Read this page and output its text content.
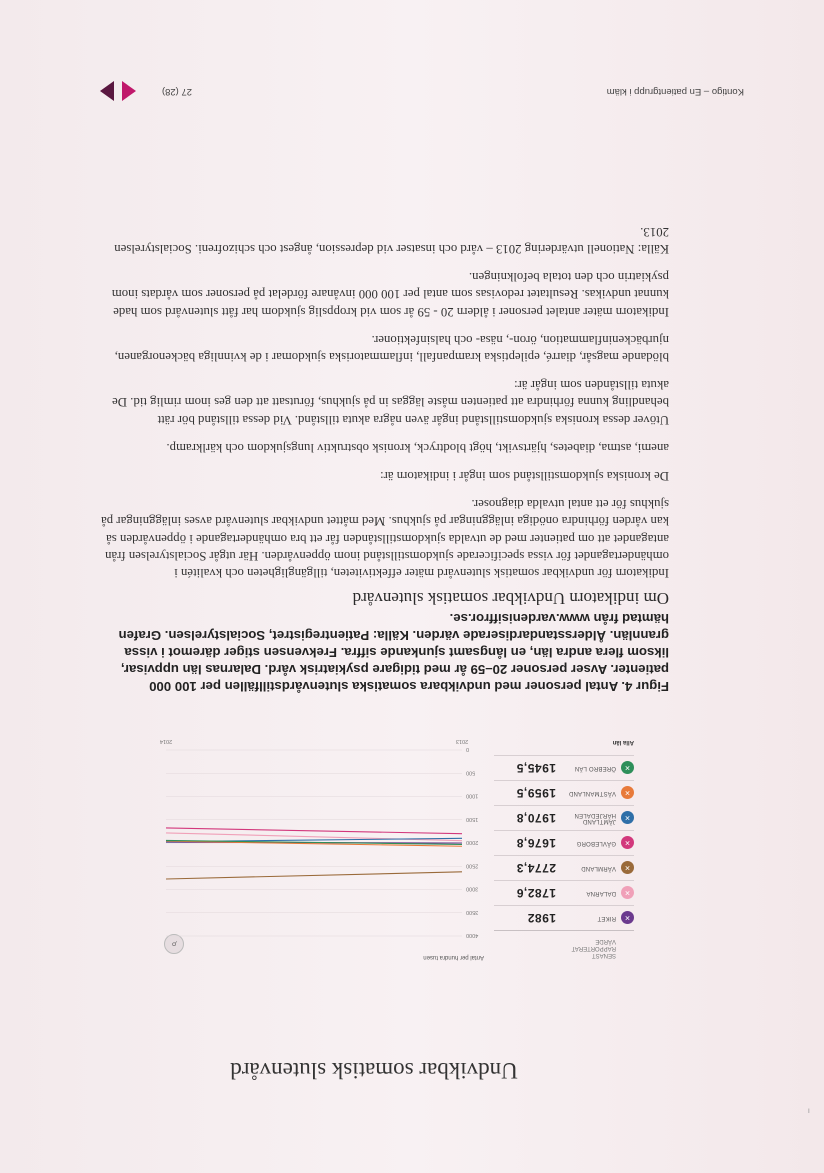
Undvikbar somatisk slutenvård
SENAST RAPPORTERAT VÄRDE
×
RIKET
1982
×
DALARNA
1782,6
×
VÄRMLAND
2774,3
×
GÄVLEBORG
1676,8
×
JÄMTLAND HÄRJEDALEN
1970,8
×
VÄSTMANLAND
1959,5
×
ÖREBRO LÄN
1945,5
Alla län
Antal per hundra tusen
⌕
0
500
1000
1500
2000
2500
3000
3500
4000
2013
2014

Figur 4. Antal personer med undvikbara somatiska slutenvårdstillfällen per 100 000 patienter. Avser personer 20–59 år med tidigare psykiatrisk vård. Dalarnas län uppvisar, liksom flera andra län, en långsamt sjunkande siffra. Frekvensen stiger däremot i vissa grannlän. Åldersstandardiserade värden. Källa: Patientregistret, Socialstyrelsen. Grafen hämtad från www.vardenisiffror.se.

Om indikatorn Undvikbar somatisk slutenvård

Indikatorn för undvikbar somatisk slutenvård mäter effektiviteten, tillgängligheten och kvalitén i omhändertagandet för vissa specificerade sjukdomstillstånd inom öppenvården. Här utgår Socialstyrelsen från antagandet att om patienter med de utvalda sjukdomstillstånden får ett bra omhändertagande i öppenvården så kan vården förhindra onödiga inläggningar på sjukhus. Med måttet undvikbar slutenvård avses inläggningar på sjukhus för ett antal utvalda diagnoser.

De kroniska sjukdomstillstånd som ingår i indikatorn är:

anemi, astma, diabetes, hjärtsvikt, högt blodtryck, kronisk obstruktiv lungsjukdom och kärlkramp.

Utöver dessa kroniska sjukdomstillstånd ingår även några akuta tillstånd. Vid dessa tillstånd bör rätt behandling kunna förhindra att patienten måste läggas in på sjukhus, förutsatt att den ges inom rimlig tid. De akuta tillstånden som ingår är:

blödande magsår, diarré, epileptiska krampanfall, inflammatoriska sjukdomar i de kvinnliga bäckenorganen, njurbäckeninflammation, öron-, näsa- och halsinfektioner.

Indikatorn mäter antalet personer i åldern 20 - 59 år som vid kroppslig sjukdom har fått slutenvård som hade kunnat undvikas. Resultatet redovisas som antal per 100 000 invånare fördelat på personer som vårdats inom psykiatrin och den totala befolkningen.

Källa: Nationell utvärdering 2013 – vård och insatser vid depression, ångest och schizofreni. Socialstyrelsen 2013.

Kontigo – En patientgrupp i kläm
27 (28)
ı
